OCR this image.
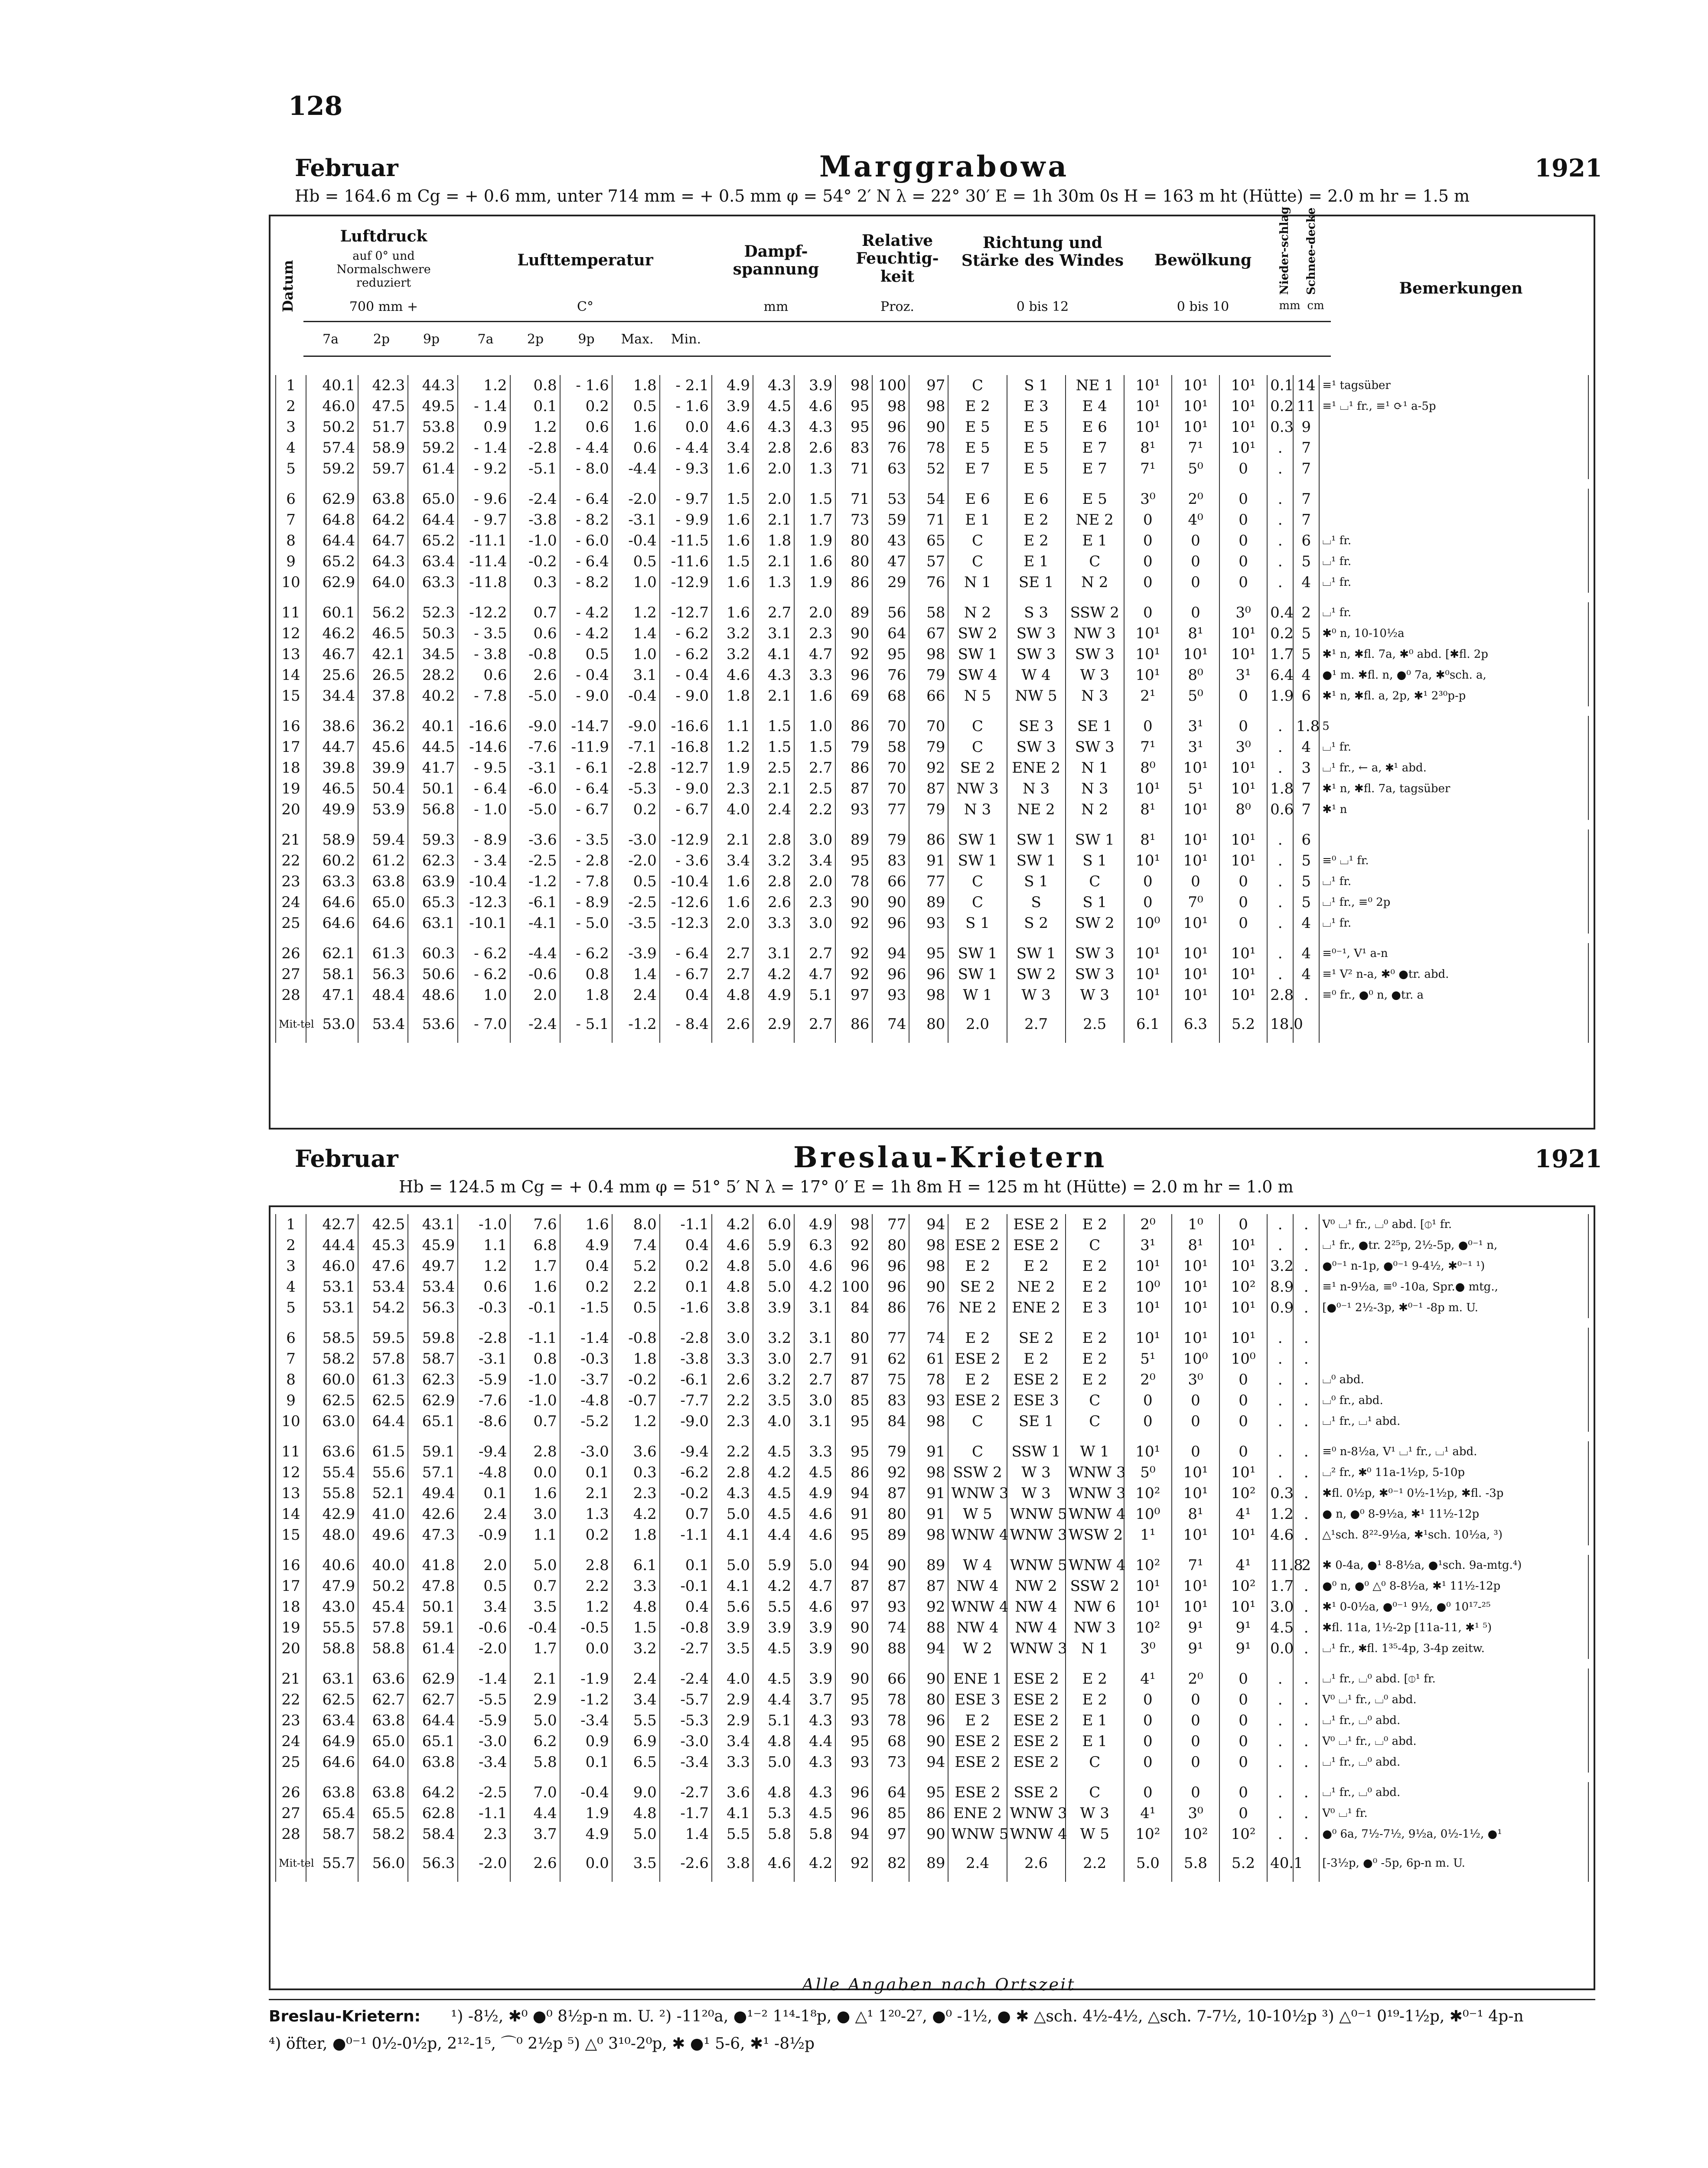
128
Februar	Marggrabowa	1921
Hb = 164.6 m Cg = + 0.6 mm, unter 714 mm = + 0.5 mm φ = 54° 2′ N λ = 22° 30′ E = 1h 30m 0s H = 163 m ht (Hütte) = 2.0 m hr = 1.5 m
Datum
Luftdruck
auf 0° und Normalschwere reduziert
700 mm +
Lufttemperatur
C°
Dampf-spannung
mm
Relative Feuchtig-keit
Proz.
Richtung und Stärke des Windes
0 bis 12
Bewölkung
0 bis 10
Nieder-schlag
mm
Schnee-decke
cm
Bemerkungen
7a	2p	9p	7a	2p	9p	Max.	Min.
1	40.1	42.3	44.3	1.2	0.8	- 1.6	1.8	- 2.1	4.9	4.3	3.9	98	100	97	C	S 1	NE 1	10¹	10¹	10¹	0.1	14	≡¹ tagsüber
2	46.0	47.5	49.5	- 1.4	0.1	0.2	0.5	- 1.6	3.9	4.5	4.6	95	98	98	E 2	E 3	E 4	10¹	10¹	10¹	0.2	11	≡¹ ⌴¹ fr., ≡¹ ⟳¹ a-5p
3	50.2	51.7	53.8	0.9	1.2	0.6	1.6	0.0	4.6	4.3	4.3	95	96	90	E 5	E 5	E 6	10¹	10¹	10¹	0.3	9	
4	57.4	58.9	59.2	- 1.4	-2.8	- 4.4	0.6	- 4.4	3.4	2.8	2.6	83	76	78	E 5	E 5	E 7	8¹	7¹	10¹	.	7	
5	59.2	59.7	61.4	- 9.2	-5.1	- 8.0	-4.4	- 9.3	1.6	2.0	1.3	71	63	52	E 7	E 5	E 7	7¹	5⁰	0	.	7	

6	62.9	63.8	65.0	- 9.6	-2.4	- 6.4	-2.0	- 9.7	1.5	2.0	1.5	71	53	54	E 6	E 6	E 5	3⁰	2⁰	0	.	7	
7	64.8	64.2	64.4	- 9.7	-3.8	- 8.2	-3.1	- 9.9	1.6	2.1	1.7	73	59	71	E 1	E 2	NE 2	0	4⁰	0	.	7	
8	64.4	64.7	65.2	-11.1	-1.0	- 6.0	-0.4	-11.5	1.6	1.8	1.9	80	43	65	C	E 2	E 1	0	0	0	.	6	⌴¹ fr.
9	65.2	64.3	63.4	-11.4	-0.2	- 6.4	0.5	-11.6	1.5	2.1	1.6	80	47	57	C	E 1	C	0	0	0	.	5	⌴¹ fr.
10	62.9	64.0	63.3	-11.8	0.3	- 8.2	1.0	-12.9	1.6	1.3	1.9	86	29	76	N 1	SE 1	N 2	0	0	0	.	4	⌴¹ fr.

11	60.1	56.2	52.3	-12.2	0.7	- 4.2	1.2	-12.7	1.6	2.7	2.0	89	56	58	N 2	S 3	SSW 2	0	0	3⁰	0.4	2	⌴¹ fr.
12	46.2	46.5	50.3	- 3.5	0.6	- 4.2	1.4	- 6.2	3.2	3.1	2.3	90	64	67	SW 2	SW 3	NW 3	10¹	8¹	10¹	0.2	5	✱⁰ n, 10-10½a
13	46.7	42.1	34.5	- 3.8	-0.8	0.5	1.0	- 6.2	3.2	4.1	4.7	92	95	98	SW 1	SW 3	SW 3	10¹	10¹	10¹	1.7	5	✱¹ n, ✱fl. 7a, ✱⁰ abd. [✱fl. 2p
14	25.6	26.5	28.2	0.6	2.6	- 0.4	3.1	- 0.4	4.6	4.3	3.3	96	76	79	SW 4	W 4	W 3	10¹	8⁰	3¹	6.4	4	●¹ m. ✱fl. n, ●⁰ 7a, ✱⁰sch. a,
15	34.4	37.8	40.2	- 7.8	-5.0	- 9.0	-0.4	- 9.0	1.8	2.1	1.6	69	68	66	N 5	NW 5	N 3	2¹	5⁰	0	1.9	6	✱¹ n, ✱fl. a, 2p, ✱¹ 2³⁰p-p

16	38.6	36.2	40.1	-16.6	-9.0	-14.7	-9.0	-16.6	1.1	1.5	1.0	86	70	70	C	SE 3	SE 1	0	3¹	0	.	1.8	5
17	44.7	45.6	44.5	-14.6	-7.6	-11.9	-7.1	-16.8	1.2	1.5	1.5	79	58	79	C	SW 3	SW 3	7¹	3¹	3⁰	.	4	⌴¹ fr.
18	39.8	39.9	41.7	- 9.5	-3.1	- 6.1	-2.8	-12.7	1.9	2.5	2.7	86	70	92	SE 2	ENE 2	N 1	8⁰	10¹	10¹	.	3	⌴¹ fr., ← a, ✱¹ abd.
19	46.5	50.4	50.1	- 6.4	-6.0	- 6.4	-5.3	- 9.0	2.3	2.1	2.5	87	70	87	NW 3	N 3	N 3	10¹	5¹	10¹	1.8	7	✱¹ n, ✱fl. 7a, tagsüber
20	49.9	53.9	56.8	- 1.0	-5.0	- 6.7	0.2	- 6.7	4.0	2.4	2.2	93	77	79	N 3	NE 2	N 2	8¹	10¹	8⁰	0.6	7	✱¹ n

21	58.9	59.4	59.3	- 8.9	-3.6	- 3.5	-3.0	-12.9	2.1	2.8	3.0	89	79	86	SW 1	SW 1	SW 1	8¹	10¹	10¹	.	6	
22	60.2	61.2	62.3	- 3.4	-2.5	- 2.8	-2.0	- 3.6	3.4	3.2	3.4	95	83	91	SW 1	SW 1	S 1	10¹	10¹	10¹	.	5	≡⁰ ⌴¹ fr.
23	63.3	63.8	63.9	-10.4	-1.2	- 7.8	0.5	-10.4	1.6	2.8	2.0	78	66	77	C	S 1	C	0	0	0	.	5	⌴¹ fr.
24	64.6	65.0	65.3	-12.3	-6.1	- 8.9	-2.5	-12.6	1.6	2.6	2.3	90	90	89	C	S	S 1	0	7⁰	0	.	5	⌴¹ fr., ≡⁰ 2p
25	64.6	64.6	63.1	-10.1	-4.1	- 5.0	-3.5	-12.3	2.0	3.3	3.0	92	96	93	S 1	S 2	SW 2	10⁰	10¹	0	.	4	⌴¹ fr.

26	62.1	61.3	60.3	- 6.2	-4.4	- 6.2	-3.9	- 6.4	2.7	3.1	2.7	92	94	95	SW 1	SW 1	SW 3	10¹	10¹	10¹	.	4	≡⁰⁻¹, V¹ a-n
27	58.1	56.3	50.6	- 6.2	-0.6	0.8	1.4	- 6.7	2.7	4.2	4.7	92	96	96	SW 1	SW 2	SW 3	10¹	10¹	10¹	.	4	≡¹ V² n-a, ✱⁰ ●tr. abd.
28	47.1	48.4	48.6	1.0	2.0	1.8	2.4	0.4	4.8	4.9	5.1	97	93	98	W 1	W 3	W 3	10¹	10¹	10¹	2.8	.	≡⁰ fr., ●⁰ n, ●tr. a
Mit-tel	53.0	53.4	53.6	- 7.0	-2.4	- 5.1	-1.2	- 8.4	2.6	2.9	2.7	86	74	80	2.0	2.7	2.5	6.1	6.3	5.2	18.0		
Februar	Breslau-Krietern	1921
Hb = 124.5 m Cg = + 0.4 mm φ = 51° 5′ N λ = 17° 0′ E = 1h 8m H = 125 m ht (Hütte) = 2.0 m hr = 1.0 m
1	42.7	42.5	43.1	-1.0	7.6	1.6	8.0	-1.1	4.2	6.0	4.9	98	77	94	E 2	ESE 2	E 2	2⁰	1⁰	0	.	.	V⁰ ⌴¹ fr., ⌴⁰ abd. [⦶¹ fr.
2	44.4	45.3	45.9	1.1	6.8	4.9	7.4	0.4	4.6	5.9	6.3	92	80	98	ESE 2	ESE 2	C	3¹	8¹	10¹	.	.	⌴¹ fr., ●tr. 2²⁵p, 2½-5p, ●⁰⁻¹ n,
3	46.0	47.6	49.7	1.2	1.7	0.4	5.2	0.2	4.8	5.0	4.6	96	96	98	E 2	E 2	E 2	10¹	10¹	10¹	3.2	.	●⁰⁻¹ n-1p, ●⁰⁻¹ 9-4½, ✱⁰⁻¹ ¹)
4	53.1	53.4	53.4	0.6	1.6	0.2	2.2	0.1	4.8	5.0	4.2	100	96	90	SE 2	NE 2	E 2	10⁰	10¹	10²	8.9	.	≡¹ n-9½a, ≡⁰ -10a, Spr.● mtg.,
5	53.1	54.2	56.3	-0.3	-0.1	-1.5	0.5	-1.6	3.8	3.9	3.1	84	86	76	NE 2	ENE 2	E 3	10¹	10¹	10¹	0.9	.	[●⁰⁻¹ 2½-3p, ✱⁰⁻¹ -8p m. U.

6	58.5	59.5	59.8	-2.8	-1.1	-1.4	-0.8	-2.8	3.0	3.2	3.1	80	77	74	E 2	SE 2	E 2	10¹	10¹	10¹	.	.	
7	58.2	57.8	58.7	-3.1	0.8	-0.3	1.8	-3.8	3.3	3.0	2.7	91	62	61	ESE 2	E 2	E 2	5¹	10⁰	10⁰	.	.	
8	60.0	61.3	62.3	-5.9	-1.0	-3.7	-0.2	-6.1	2.6	3.2	2.7	87	75	78	E 2	ESE 2	E 2	2⁰	3⁰	0	.	.	⌴⁰ abd.
9	62.5	62.5	62.9	-7.6	-1.0	-4.8	-0.7	-7.7	2.2	3.5	3.0	85	83	93	ESE 2	ESE 3	C	0	0	0	.	.	⌴⁰ fr., abd.
10	63.0	64.4	65.1	-8.6	0.7	-5.2	1.2	-9.0	2.3	4.0	3.1	95	84	98	C	SE 1	C	0	0	0	.	.	⌴¹ fr., ⌴¹ abd.

11	63.6	61.5	59.1	-9.4	2.8	-3.0	3.6	-9.4	2.2	4.5	3.3	95	79	91	C	SSW 1	W 1	10¹	0	0	.	.	≡⁰ n-8½a, V¹ ⌴¹ fr., ⌴¹ abd.
12	55.4	55.6	57.1	-4.8	0.0	0.1	0.3	-6.2	2.8	4.2	4.5	86	92	98	SSW 2	W 3	WNW 3	5⁰	10¹	10¹	.	.	⌴² fr., ✱⁰ 11a-1½p, 5-10p
13	55.8	52.1	49.4	0.1	1.6	2.1	2.3	-0.2	4.3	4.5	4.9	94	87	91	WNW 3	W 3	WNW 3	10²	10¹	10²	0.3	.	✱fl. 0½p, ✱⁰⁻¹ 0½-1½p, ✱fl. -3p
14	42.9	41.0	42.6	2.4	3.0	1.3	4.2	0.7	5.0	4.5	4.6	91	80	91	W 5	WNW 5	WNW 4	10⁰	8¹	4¹	1.2	.	● n, ●⁰ 8-9½a, ✱¹ 11½-12p
15	48.0	49.6	47.3	-0.9	1.1	0.2	1.8	-1.1	4.1	4.4	4.6	95	89	98	WNW 4	WNW 3	WSW 2	1¹	10¹	10¹	4.6	.	△¹sch. 8²²-9½a, ✱¹sch. 10½a, ³)

16	40.6	40.0	41.8	2.0	5.0	2.8	6.1	0.1	5.0	5.9	5.0	94	90	89	W 4	WNW 5	WNW 4	10²	7¹	4¹	11.8	2	✱ 0-4a, ●¹ 8-8½a, ●¹sch. 9a-mtg.⁴)
17	47.9	50.2	47.8	0.5	0.7	2.2	3.3	-0.1	4.1	4.2	4.7	87	87	87	NW 4	NW 2	SSW 2	10¹	10¹	10²	1.7	.	●⁰ n, ●⁰ △⁰ 8-8½a, ✱¹ 11½-12p
18	43.0	45.4	50.1	3.4	3.5	1.2	4.8	0.4	5.6	5.5	4.6	97	93	92	WNW 4	NW 4	NW 6	10¹	10¹	10¹	3.0	.	✱¹ 0-0½a, ●⁰⁻¹ 9½, ●⁰ 10¹⁷-²⁵
19	55.5	57.8	59.1	-0.6	-0.4	-0.5	1.5	-0.8	3.9	3.9	3.9	90	74	88	NW 4	NW 4	NW 3	10²	9¹	9¹	4.5	.	✱fl. 11a, 1½-2p [11a-11, ✱¹ ⁵)
20	58.8	58.8	61.4	-2.0	1.7	0.0	3.2	-2.7	3.5	4.5	3.9	90	88	94	W 2	WNW 3	N 1	3⁰	9¹	9¹	0.0	.	⌴¹ fr., ✱fl. 1³⁵-4p, 3-4p zeitw.

21	63.1	63.6	62.9	-1.4	2.1	-1.9	2.4	-2.4	4.0	4.5	3.9	90	66	90	ENE 1	ESE 2	E 2	4¹	2⁰	0	.	.	⌴¹ fr., ⌴⁰ abd. [⦶¹ fr.
22	62.5	62.7	62.7	-5.5	2.9	-1.2	3.4	-5.7	2.9	4.4	3.7	95	78	80	ESE 3	ESE 2	E 2	0	0	0	.	.	V⁰ ⌴¹ fr., ⌴⁰ abd.
23	63.4	63.8	64.4	-5.9	5.0	-3.4	5.5	-5.3	2.9	5.1	4.3	93	78	96	E 2	ESE 2	E 1	0	0	0	.	.	⌴¹ fr., ⌴⁰ abd.
24	64.9	65.0	65.1	-3.0	6.2	0.9	6.9	-3.0	3.4	4.8	4.4	95	68	90	ESE 2	ESE 2	E 1	0	0	0	.	.	V⁰ ⌴¹ fr., ⌴⁰ abd.
25	64.6	64.0	63.8	-3.4	5.8	0.1	6.5	-3.4	3.3	5.0	4.3	93	73	94	ESE 2	ESE 2	C	0	0	0	.	.	⌴¹ fr., ⌴⁰ abd.

26	63.8	63.8	64.2	-2.5	7.0	-0.4	9.0	-2.7	3.6	4.8	4.3	96	64	95	ESE 2	SSE 2	C	0	0	0	.	.	⌴¹ fr., ⌴⁰ abd.
27	65.4	65.5	62.8	-1.1	4.4	1.9	4.8	-1.7	4.1	5.3	4.5	96	85	86	ENE 2	WNW 3	W 3	4¹	3⁰	0	.	.	V⁰ ⌴¹ fr.
28	58.7	58.2	58.4	2.3	3.7	4.9	5.0	1.4	5.5	5.8	5.8	94	97	90	WNW 5	WNW 4	W 5	10²	10²	10²	.	.	●⁰ 6a, 7½-7½, 9½a, 0½-1½, ●¹
Mit-tel	55.7	56.0	56.3	-2.0	2.6	0.0	3.5	-2.6	3.8	4.6	4.2	92	82	89	2.4	2.6	2.2	5.0	5.8	5.2	40.1		[-3½p, ●⁰ -5p, 6p-n m. U.
Alle Angaben nach Ortszeit
Breslau-Krietern: ¹) -8½, ✱⁰ ●⁰ 8½p-n m. U. ²) -11²⁰a, ●¹⁻² 1¹⁴-1⁸p, ● △¹ 1²⁰-2⁷, ●⁰ -1½, ● ✱ △sch. 4½-4½, △sch. 7-7½, 10-10½p ³) △⁰⁻¹ 0¹⁹-1½p, ✱⁰⁻¹ 4p-n
⁴) öfter, ●⁰⁻¹ 0½-0½p, 2¹²-1⁵, ⌒⁰ 2½p ⁵) △⁰ 3¹⁰-2⁰p, ✱ ●¹ 5-6, ✱¹ -8½p
